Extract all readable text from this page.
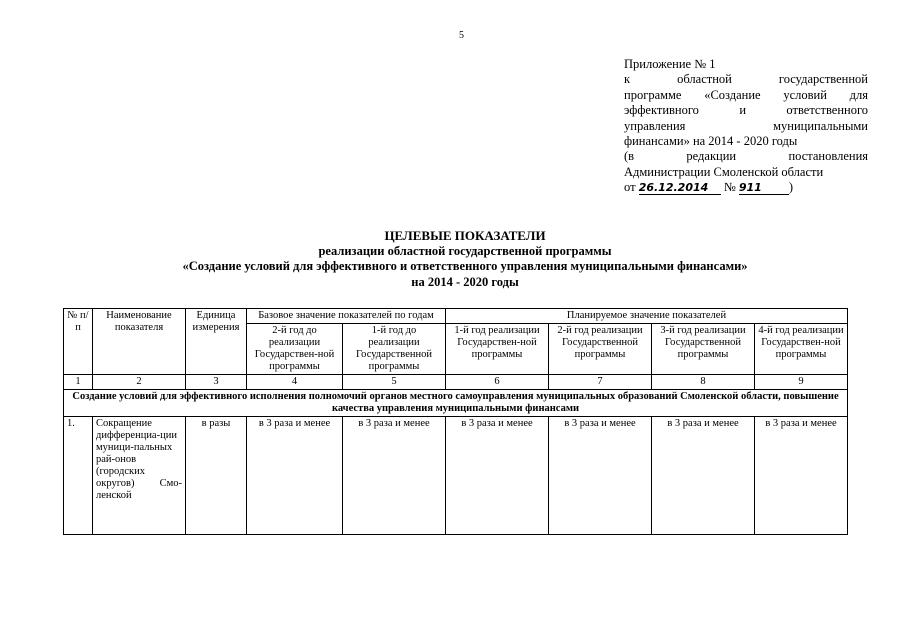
5
Приложение № 1
к	областной	государственной
программе «Создание условий для
эффективного	и	ответственного
управления	муниципальными
финансами» на 2014 - 2020 годы
(в	редакции	постановления
Администрации Смоленской области
от 26.12.2014 № 911 )
ЦЕЛЕВЫЕ ПОКАЗАТЕЛИ
реализации областной государственной программы
«Создание условий для эффективного и ответственного управления муниципальными финансами»
на 2014 - 2020 годы
№ п/п	Наименование показателя	Единица измерения	Базовое значение показателей по годам		Планируемое значение показателей			
			2-й год до реализации Государствен-ной программы	1-й год до реализации Государственной программы	1-й год реализации Государствен-ной программы	2-й год реализации Государственной программы	3-й год реализации Государственной программы	4-й год реализации Государствен-ной программы
1	2	3	4	5	6	7	8	9
Создание условий для эффективного исполнения полномочий органов местного самоуправления муниципальных образований Смоленской области, повышение качества управления муниципальными финансами								
1.	Сокращение дифференциа-ции муници-пальных рай-онов (городских округов) Смо-ленской	в разы	в 3 раза и менее	в 3 раза и менее	в 3 раза и менее	в 3 раза и менее	в 3 раза и менее	в 3 раза и менее
